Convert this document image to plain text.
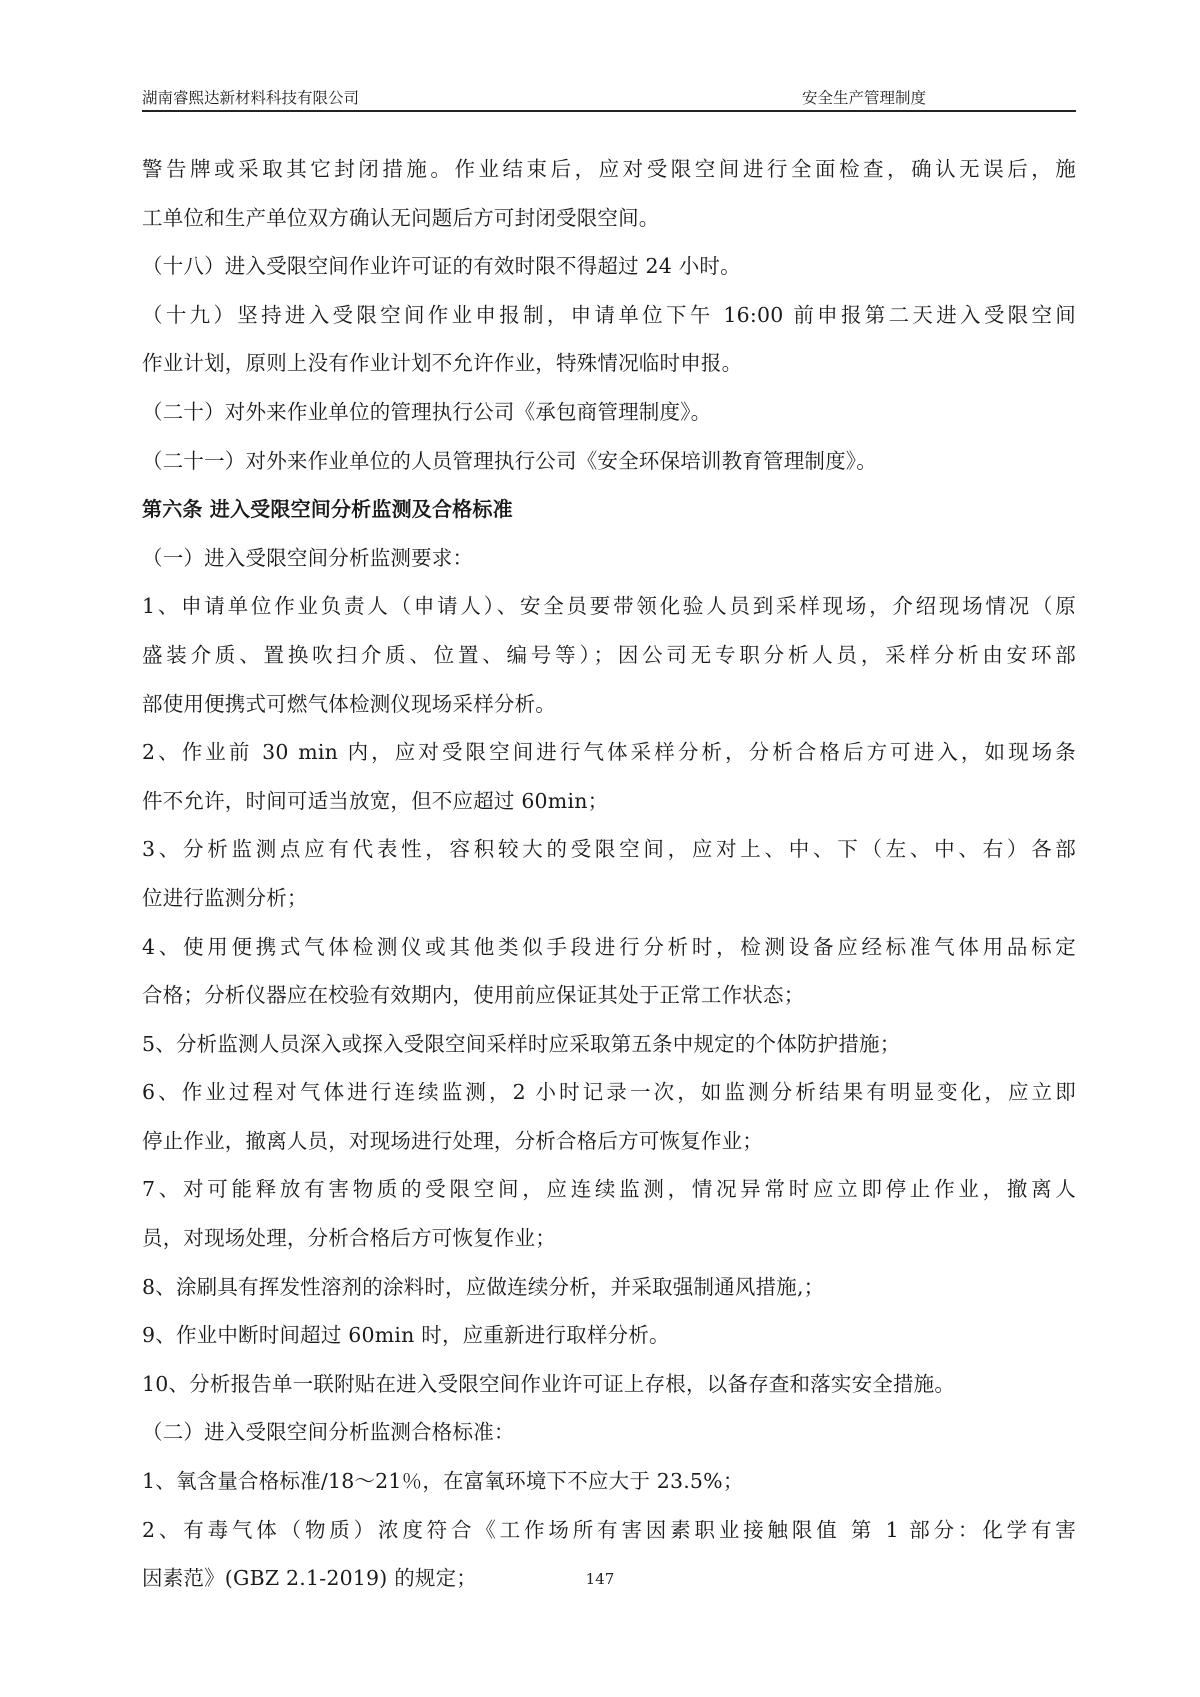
湖南睿熙达新材料科技有限公司	安全生产管理制度
警告牌或采取其它封闭措施。作业结束后，应对受限空间进行全面检查，确认无误后，施
工单位和生产单位双方确认无问题后方可封闭受限空间。
（十八）进入受限空间作业许可证的有效时限不得超过 24 小时。
（十九）坚持进入受限空间作业申报制，申请单位下午 16:00 前申报第二天进入受限空间
作业计划，原则上没有作业计划不允许作业，特殊情况临时申报。
（二十）对外来作业单位的管理执行公司《承包商管理制度》。
（二十一）对外来作业单位的人员管理执行公司《安全环保培训教育管理制度》。
第六条 进入受限空间分析监测及合格标准
（一）进入受限空间分析监测要求：
1、申请单位作业负责人（申请人）、安全员要带领化验人员到采样现场，介绍现场情况（原
盛装介质、置换吹扫介质、位置、编号等）；因公司无专职分析人员，采样分析由安环部
部使用便携式可燃气体检测仪现场采样分析。
2、作业前 30 min 内，应对受限空间进行气体采样分析，分析合格后方可进入，如现场条
件不允许，时间可适当放宽，但不应超过 60min；
3、分析监测点应有代表性，容积较大的受限空间，应对上、中、下（左、中、右）各部
位进行监测分析；
4、使用便携式气体检测仪或其他类似手段进行分析时，检测设备应经标准气体用品标定
合格；分析仪器应在校验有效期内，使用前应保证其处于正常工作状态；
5、分析监测人员深入或探入受限空间采样时应采取第五条中规定的个体防护措施；
6、作业过程对气体进行连续监测，2 小时记录一次，如监测分析结果有明显变化，应立即
停止作业，撤离人员，对现场进行处理，分析合格后方可恢复作业；
7、对可能释放有害物质的受限空间，应连续监测，情况异常时应立即停止作业，撤离人
员，对现场处理，分析合格后方可恢复作业；
8、涂刷具有挥发性溶剂的涂料时，应做连续分析，并采取强制通风措施,；
9、作业中断时间超过 60min 时，应重新进行取样分析。
10、分析报告单一联附贴在进入受限空间作业许可证上存根，以备存查和落实安全措施。
（二）进入受限空间分析监测合格标准：
1、氧含量合格标准/18～21％，在富氧环境下不应大于 23.5%；
2、有毒气体（物质）浓度符合《工作场所有害因素职业接触限值 第 1 部分：化学有害
因素范》(GBZ 2.1-2019) 的规定；	147
